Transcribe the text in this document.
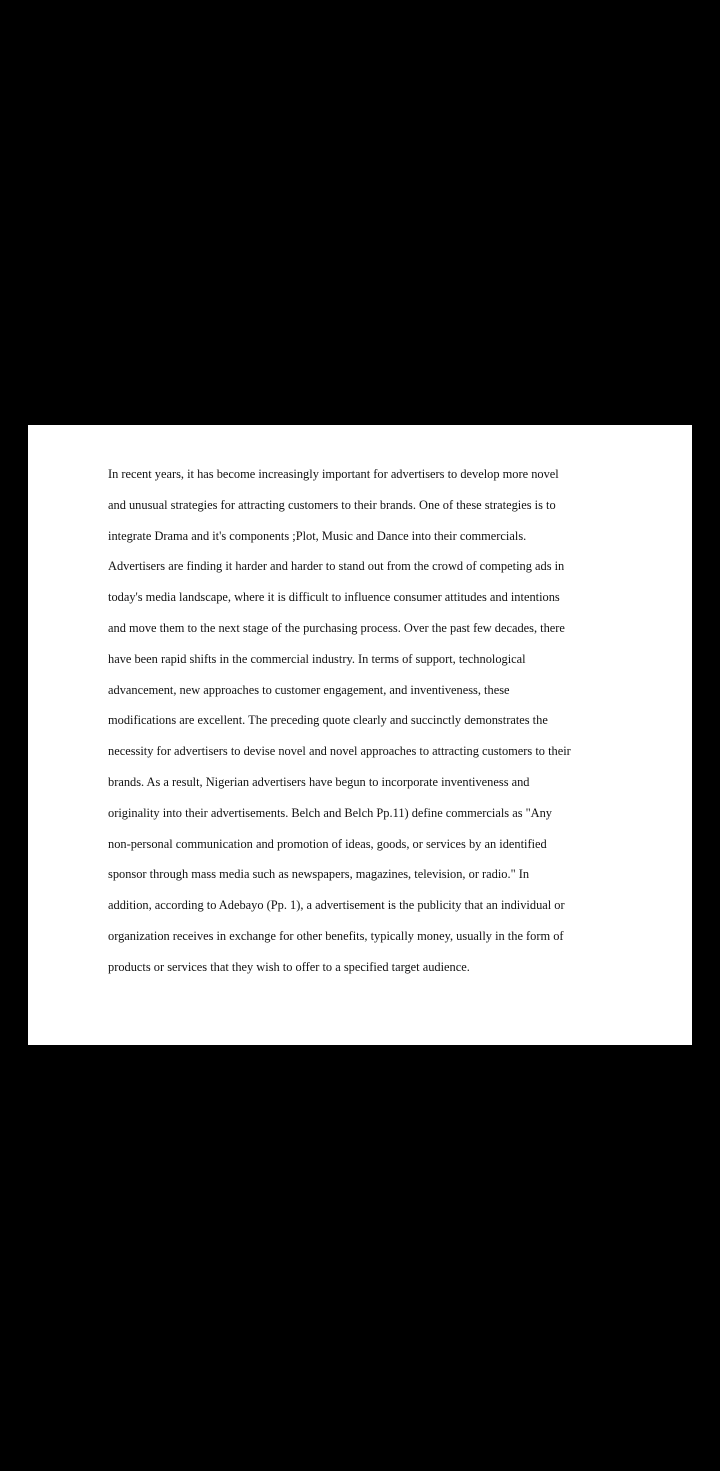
In recent years, it has become increasingly important for advertisers to develop more novel
and unusual strategies for attracting customers to their brands. One of these strategies is to
integrate Drama and it's components ;Plot, Music and Dance into their commercials.
Advertisers are finding it harder and harder to stand out from the crowd of competing ads in
today's media landscape, where it is difficult to influence consumer attitudes and intentions
and move them to the next stage of the purchasing process. Over the past few decades, there
have been rapid shifts in the commercial industry. In terms of support, technological
advancement, new approaches to customer engagement, and inventiveness, these
modifications are excellent. The preceding quote clearly and succinctly demonstrates the
necessity for advertisers to devise novel and novel approaches to attracting customers to their
brands. As a result, Nigerian advertisers have begun to incorporate inventiveness and
originality into their advertisements. Belch and Belch Pp.11) define commercials as "Any
non-personal communication and promotion of ideas, goods, or services by an identified
sponsor through mass media such as newspapers, magazines, television, or radio." In
addition, according to Adebayo (Pp. 1), a advertisement is the publicity that an individual or
organization receives in exchange for other benefits, typically money, usually in the form of
products or services that they wish to offer to a specified target audience.
